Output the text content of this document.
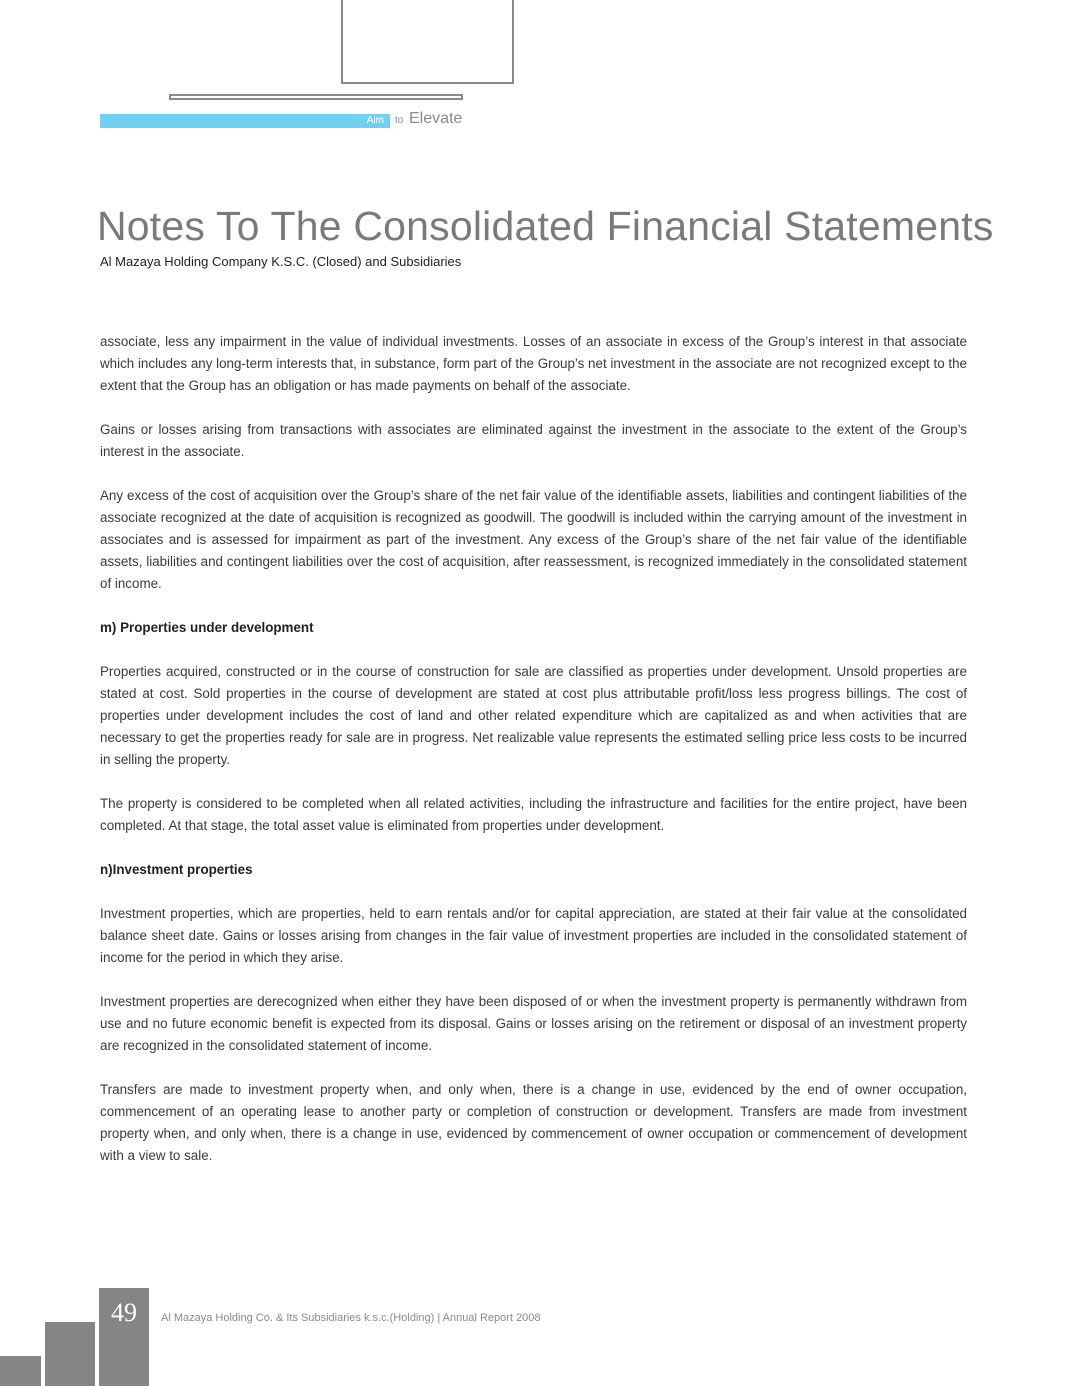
Aim to Elevate
Notes To The Consolidated Financial Statements

Al Mazaya Holding Company K.S.C. (Closed) and Subsidiaries

associate, less any impairment in the value of individual investments. Losses of an associate in excess of the Group’s interest in that associate which includes any long-term interests that, in substance, form part of the Group’s net investment in the associate are not recognized except to the extent that the Group has an obligation or has made payments on behalf of the associate.

Gains or losses arising from transactions with associates are eliminated against the investment in the associate to the extent of the Group’s interest in the associate.

Any excess of the cost of acquisition over the Group’s share of the net fair value of the identifiable assets, liabilities and contingent liabilities of the associate recognized at the date of acquisition is recognized as goodwill. The goodwill is included within the carrying amount of the investment in associates and is assessed for impairment as part of the investment. Any excess of the Group’s share of the net fair value of the identifiable assets, liabilities and contingent liabilities over the cost of acquisition, after reassessment, is recognized immediately in the consolidated statement of income.

m) Properties under development

Properties acquired, constructed or in the course of construction for sale are classified as properties under development. Unsold properties are stated at cost. Sold properties in the course of development are stated at cost plus attributable profit/loss less progress billings. The cost of properties under development includes the cost of land and other related expenditure which are capitalized as and when activities that are necessary to get the properties ready for sale are in progress. Net realizable value represents the estimated selling price less costs to be incurred in selling the property.

The property is considered to be completed when all related activities, including the infrastructure and facilities for the entire project, have been completed. At that stage, the total asset value is eliminated from properties under development.

n)Investment properties

Investment properties, which are properties, held to earn rentals and/or for capital appreciation, are stated at their fair value at the consolidated balance sheet date. Gains or losses arising from changes in the fair value of investment properties are included in the consolidated statement of income for the period in which they arise.

Investment properties are derecognized when either they have been disposed of or when the investment property is permanently withdrawn from use and no future economic benefit is expected from its disposal. Gains or losses arising on the retirement or disposal of an investment property are recognized in the consolidated statement of income.

Transfers are made to investment property when, and only when, there is a change in use, evidenced by the end of owner occupation, commencement of an operating lease to another party or completion of construction or development. Transfers are made from investment property when, and only when, there is a change in use, evidenced by commencement of owner occupation or commencement of development with a view to sale.

49	Al Mazaya Holding Co. & Its Subsidiaries k.s.c.(Holding) | Annual Report 2008
